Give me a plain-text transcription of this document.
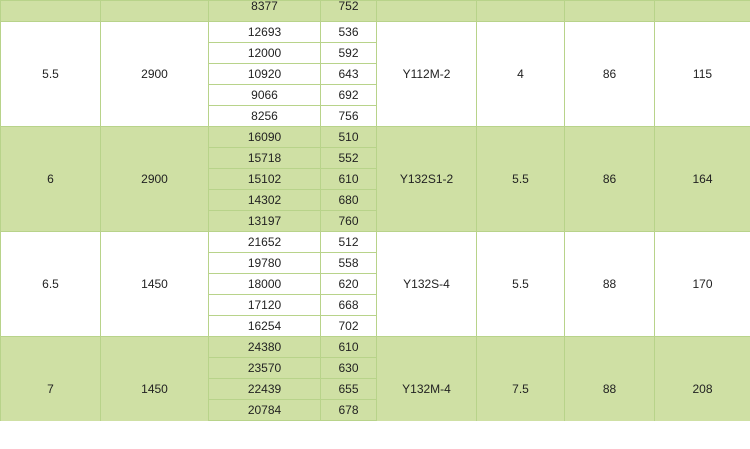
		8377	752				

5.5	2900	12693	536	Y112M-2	4	86	115
		12000	592				
		10920	643				
		9066	692				
		8256	756				
6	2900	16090	510	Y132S1-2	5.5	86	164
		15718	552				
		15102	610				
		14302	680				
		13197	760				
6.5	1450	21652	512	Y132S-4	5.5	88	170
		19780	558				
		18000	620				
		17120	668				
		16254	702				
7	1450	24380	610	Y132M-4	7.5	88	208
		23570	630				
		22439	655				
		20784	678				
